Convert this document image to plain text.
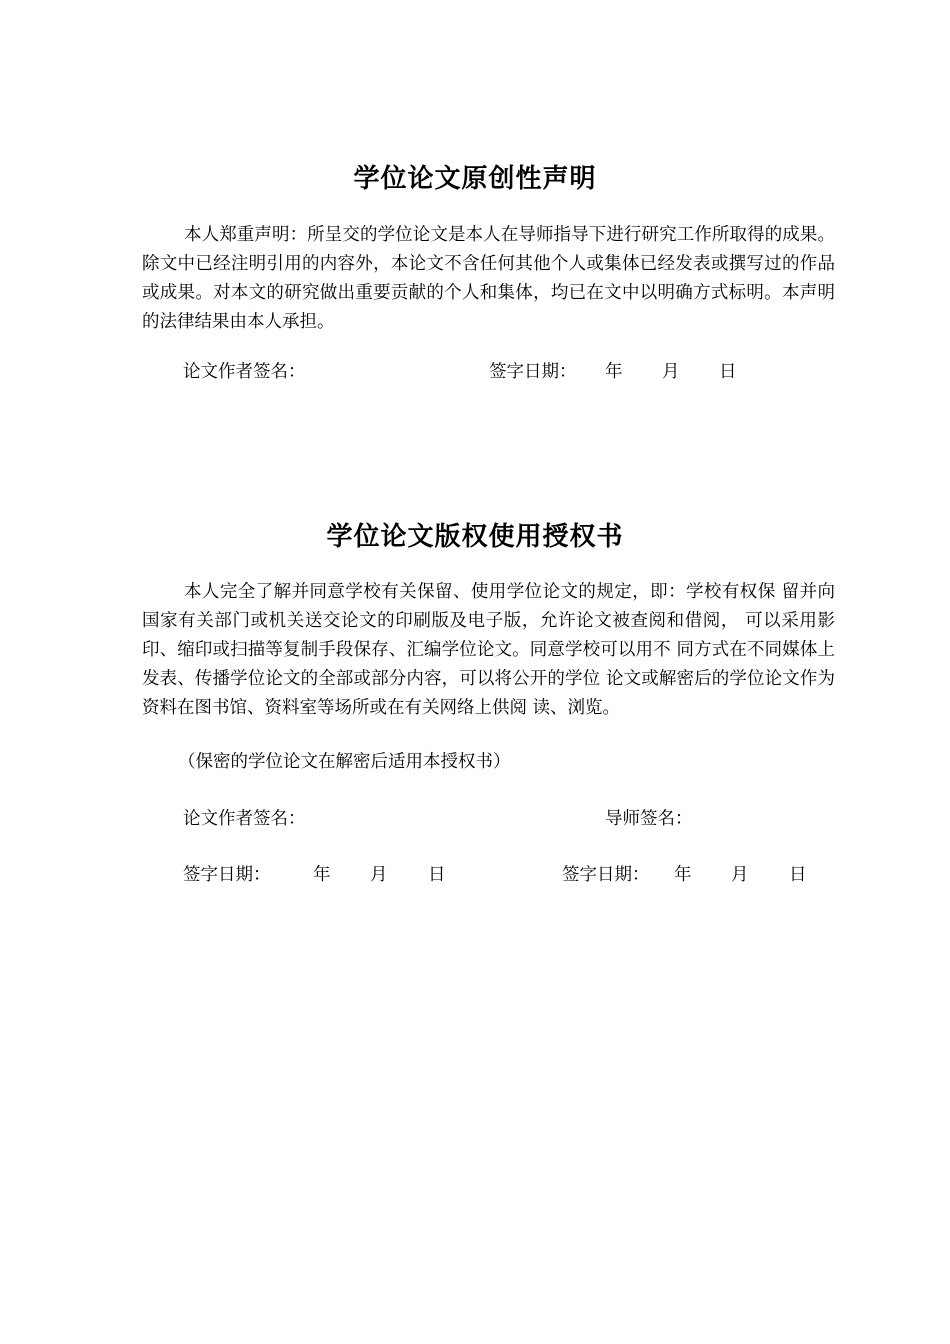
学位论文原创性声明

本人郑重声明：所呈交的学位论文是本人在导师指导下进行研究工作所取得的成果。除文中已经注明引用的内容外，本论文不含任何其他个人或集体已经发表或撰写过的作品或成果。对本文的研究做出重要贡献的个人和集体，均已在文中以明确方式标明。本声明的法律结果由本人承担。

论文作者签名：	签字日期： 年 月 日
学位论文版权使用授权书

本人完全了解并同意学校有关保留、使用学位论文的规定，即：学校有权保 留并向国家有关部门或机关送交论文的印刷版及电子版，允许论文被查阅和借阅， 可以采用影印、缩印或扫描等复制手段保存、汇编学位论文。同意学校可以用不 同方式在不同媒体上发表、传播学位论文的全部或部分内容，可以将公开的学位 论文或解密后的学位论文作为资料在图书馆、资料室等场所或在有关网络上供阅 读、浏览。

（保密的学位论文在解密后适用本授权书）
论文作者签名：	导师签名：
签字日期： 年 月 日	签字日期： 年 月 日
